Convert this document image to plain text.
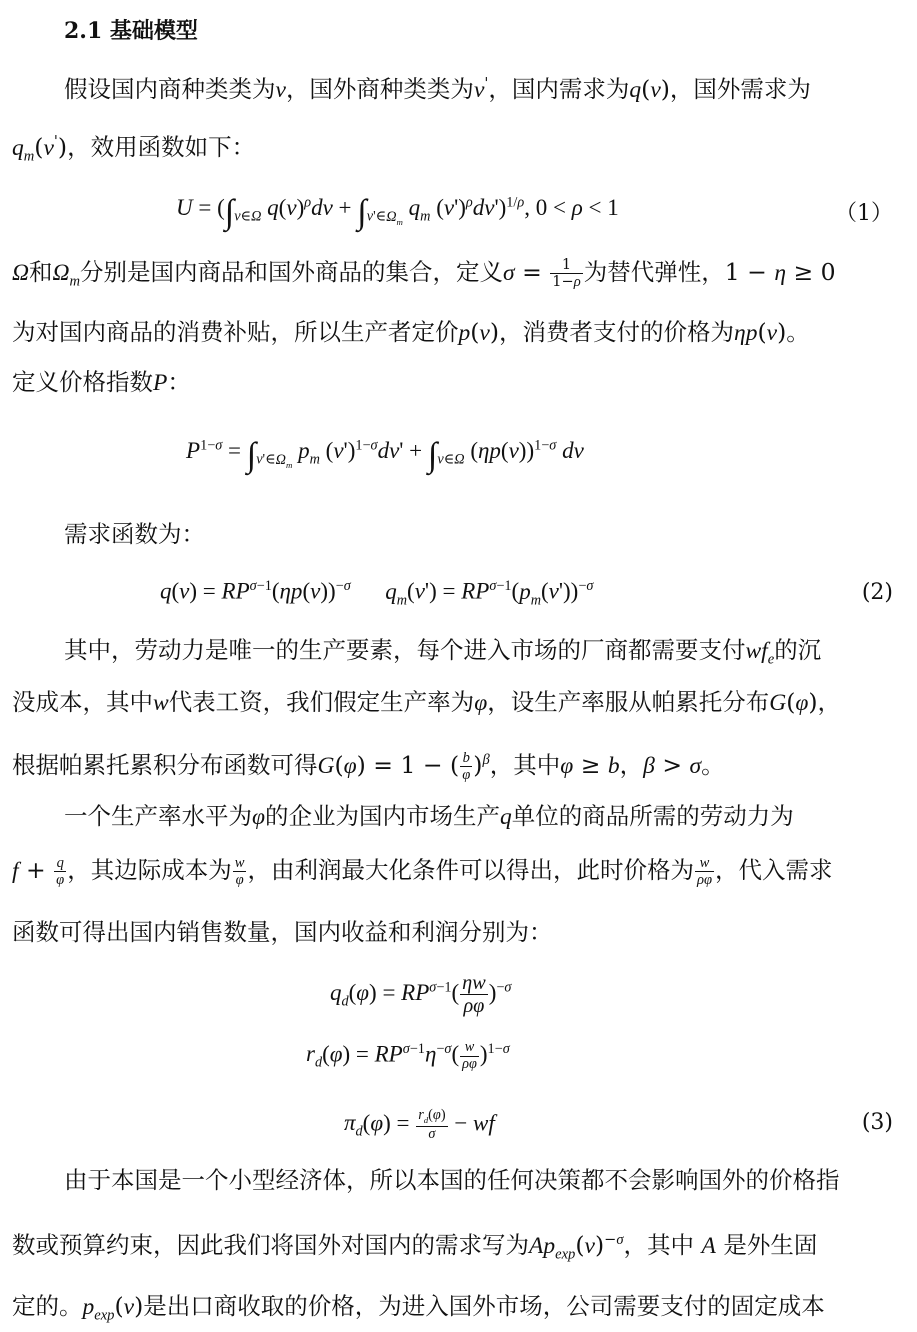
2.1 基础模型
假设国内商种类类为v，国外商种类类为v'，国内需求为q(v)，国外需求为
$q_m(v')$，效用函数如下：
$U = (\int_{v\in\Omega}$ $q(v)^\rho dv + \int_{v'\in\Omega_m}$ $q_m$ $(v')^\rho dv')^{1/\rho}$, 0 < ρ < 1	（1）
Ω和$\Omega_m$分别是国内商品和国外商品的集合，定义$\sigma = \frac{1}{1-\rho}$ 为替代弹性，1 − η ≥ 0
为对国内商品的消费补贴，所以生产者定价p(v)，消费者支付的价格为ηp(v)。
定义价格指数P：
$P^{1-\sigma} = \int_{v'\in\Omega_m}$ $p_m$ $(v')^{1-\sigma}dv' + \int_{v\in\Omega}$ $(\eta p(v))^{1-\sigma}$ dv
需求函数为：
$q(v) = RP^{\sigma-1}(\eta p(v))^{-\sigma}$ $q_m(v') = RP^{\sigma-1}(p_m(v'))^{-\sigma}$	(2)
其中，劳动力是唯一的生产要素，每个进入市场的厂商都需要支付$wf_e$的沉
没成本，其中w代表工资，我们假定生产率为φ，设生产率服从帕累托分布G(φ)，
根据帕累托累积分布函数可得G(φ) = 1 − ( $\frac{b}{\varphi} )^\beta$，其中φ ≥ b，β > σ。
一个生产率水平为φ的企业为国内市场生产q单位的商品所需的劳动力为
$f + \frac{q}{\varphi}$ ，其边际成本为 $\frac{w}{\varphi}$ ，由利润最大化条件可以得出，此时价格为 $\frac{w}{\rho\varphi}$ ，代入需求
函数可得出国内销售数量，国内收益和利润分别为：
$q_d(\varphi) = RP^{\sigma-1}( \frac{\eta w}{\rho\varphi} )^{-\sigma}$
$r_d(\varphi) = RP^{\sigma-1}\eta^{-\sigma}( \frac{w}{\rho\varphi} )^{1-\sigma}$
$\pi_d(\varphi) = \frac{r_d(\varphi)}{\sigma}$ − wf	(3)
由于本国是一个小型经济体，所以本国的任何决策都不会影响国外的价格指
数或预算约束，因此我们将国外对国内的需求写为$Ap_{exp}(v)^{-\sigma}$，其中 A 是外生固
定的。$p_{exp}(v)$是出口商收取的价格，为进入国外市场，公司需要支付的固定成本
